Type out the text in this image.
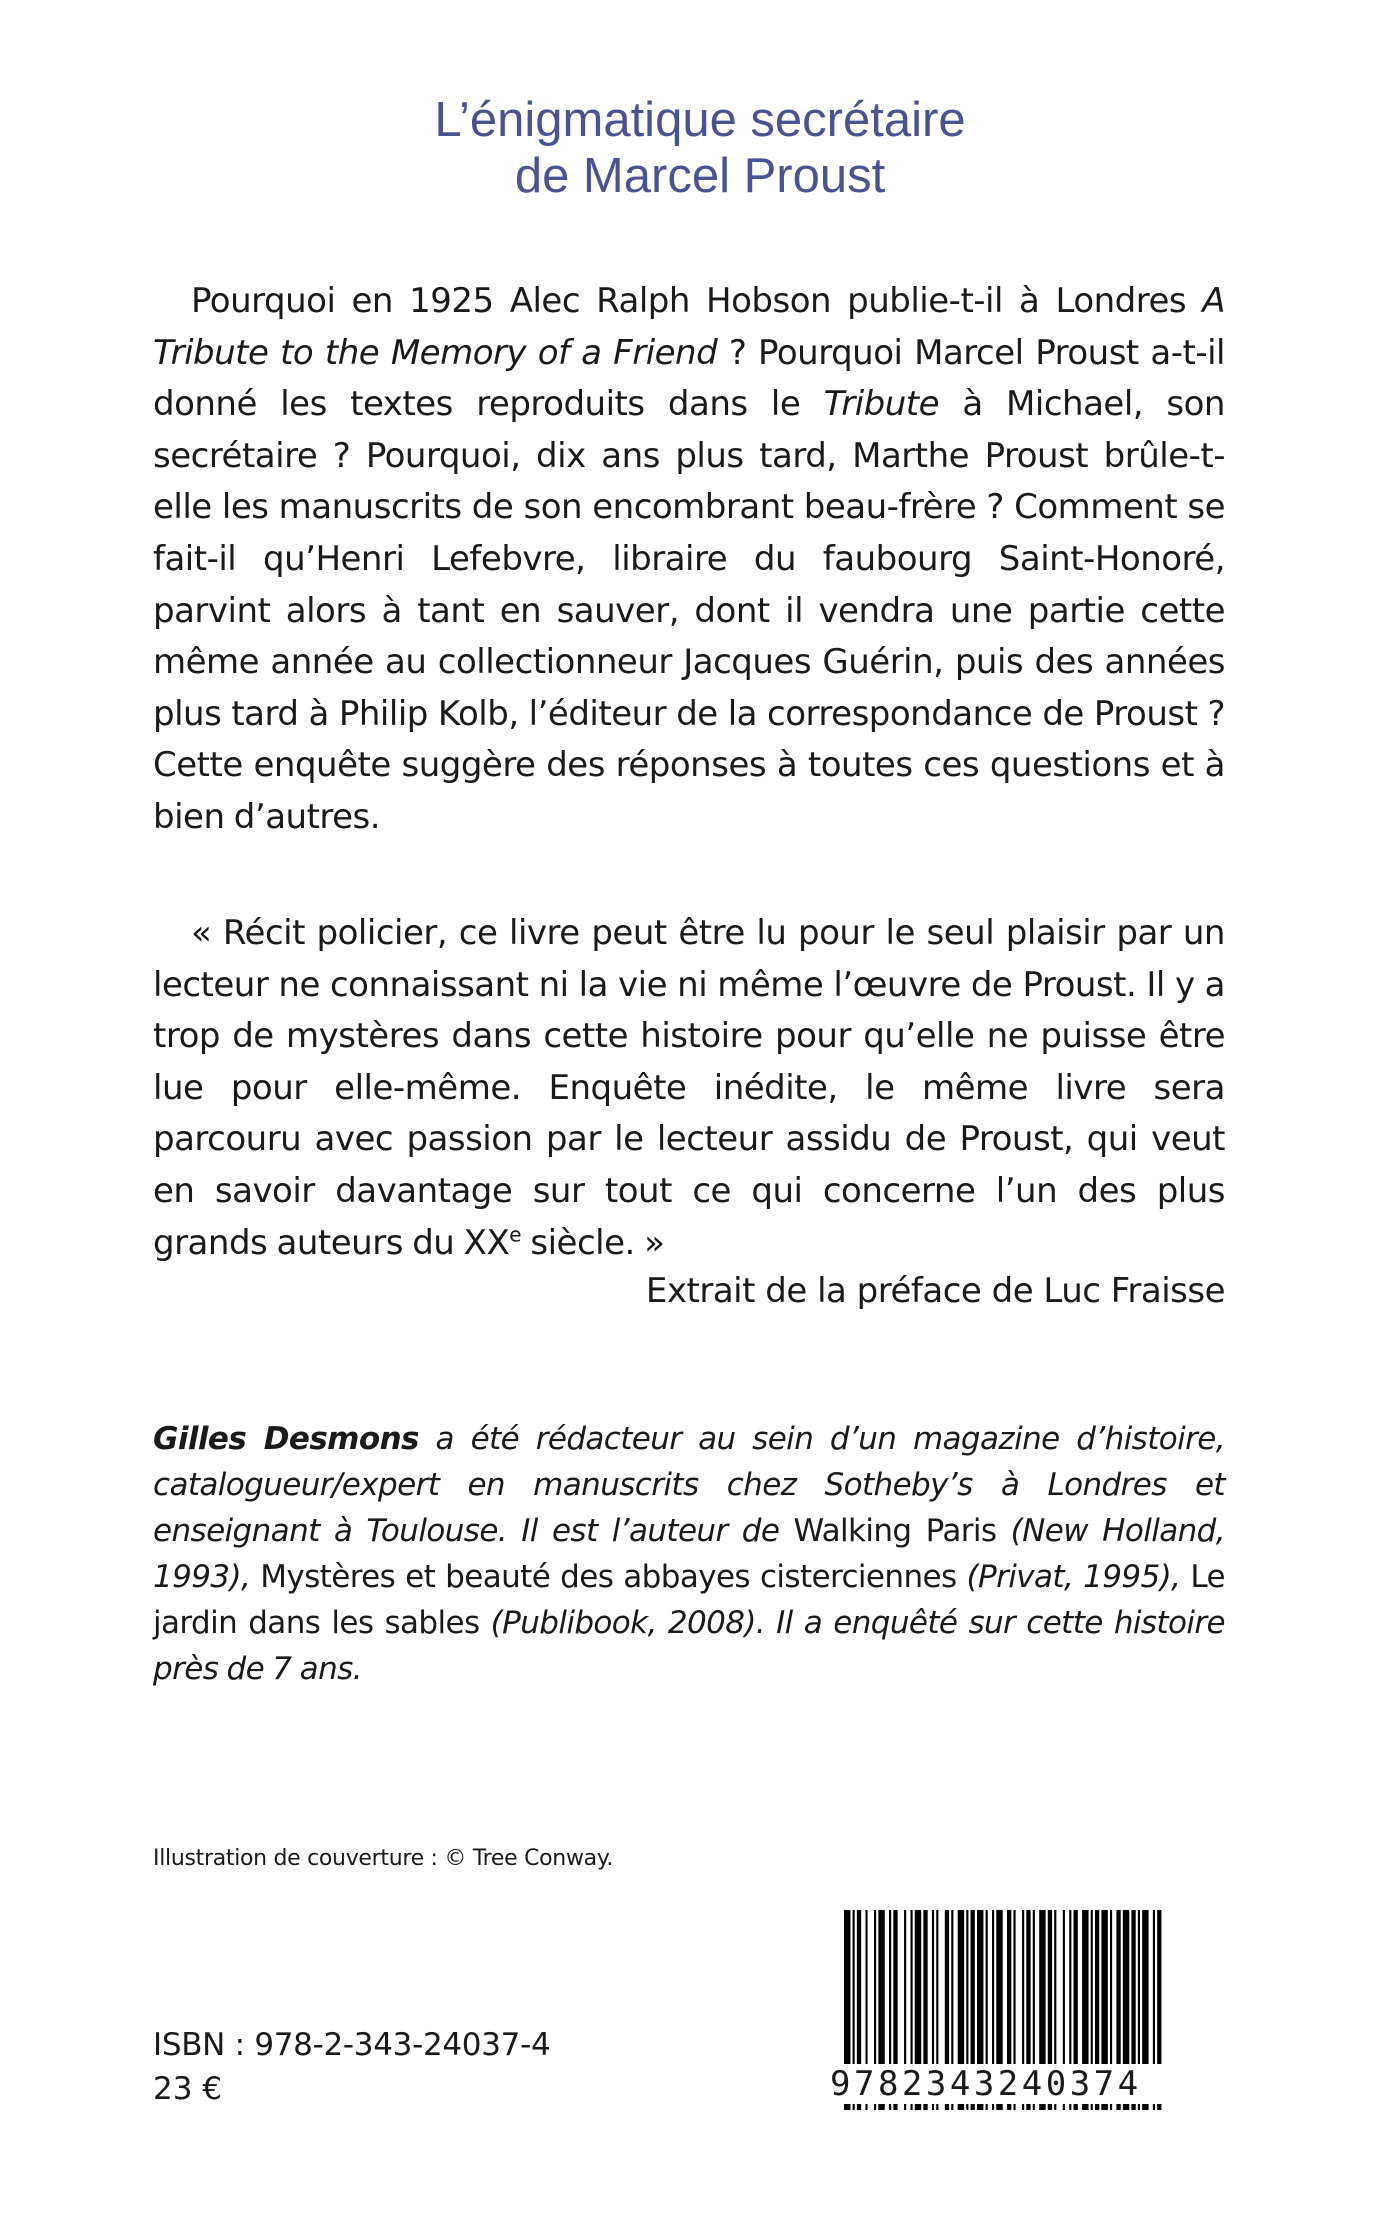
L’énigmatique secrétaire
de Marcel Proust

Pourquoi en 1925 Alec Ralph Hobson publie-t-il à Londres A Tribute to the Memory of a Friend ? Pourquoi Marcel Proust a-t-il donné les textes reproduits dans le Tribute à Michael, son secrétaire ? Pourquoi, dix ans plus tard, Marthe Proust brûle-t-elle les manuscrits de son encombrant beau-frère ? Comment se fait-il qu’Henri Lefebvre, libraire du faubourg Saint-Honoré, parvint alors à tant en sauver, dont il vendra une partie cette même année au collectionneur Jacques Guérin, puis des années plus tard à Philip Kolb, l’éditeur de la correspondance de Proust ? Cette enquête suggère des réponses à toutes ces questions et à bien d’autres.

« Récit policier, ce livre peut être lu pour le seul plaisir par un lecteur ne connaissant ni la vie ni même l’œuvre de Proust. Il y a trop de mystères dans cette histoire pour qu’elle ne puisse être lue pour elle-même. Enquête inédite, le même livre sera parcouru avec passion par le lecteur assidu de Proust, qui veut en savoir davantage sur tout ce qui concerne l’un des plus grands auteurs du XXe siècle. »

Extrait de la préface de Luc Fraisse

Gilles Desmons a été rédacteur au sein d’un magazine d’histoire, catalogueur/expert en manuscrits chez Sotheby’s à Londres et enseignant à Toulouse. Il est l’auteur de Walking Paris (New Holland, 1993), Mystères et beauté des abbayes cisterciennes (Privat, 1995), Le jardin dans les sables (Publibook, 2008). Il a enquêté sur cette histoire près de 7 ans.

Illustration de couverture : © Tree Conway.

ISBN : 978-2-343-24037-4

23 €	9782343240374
